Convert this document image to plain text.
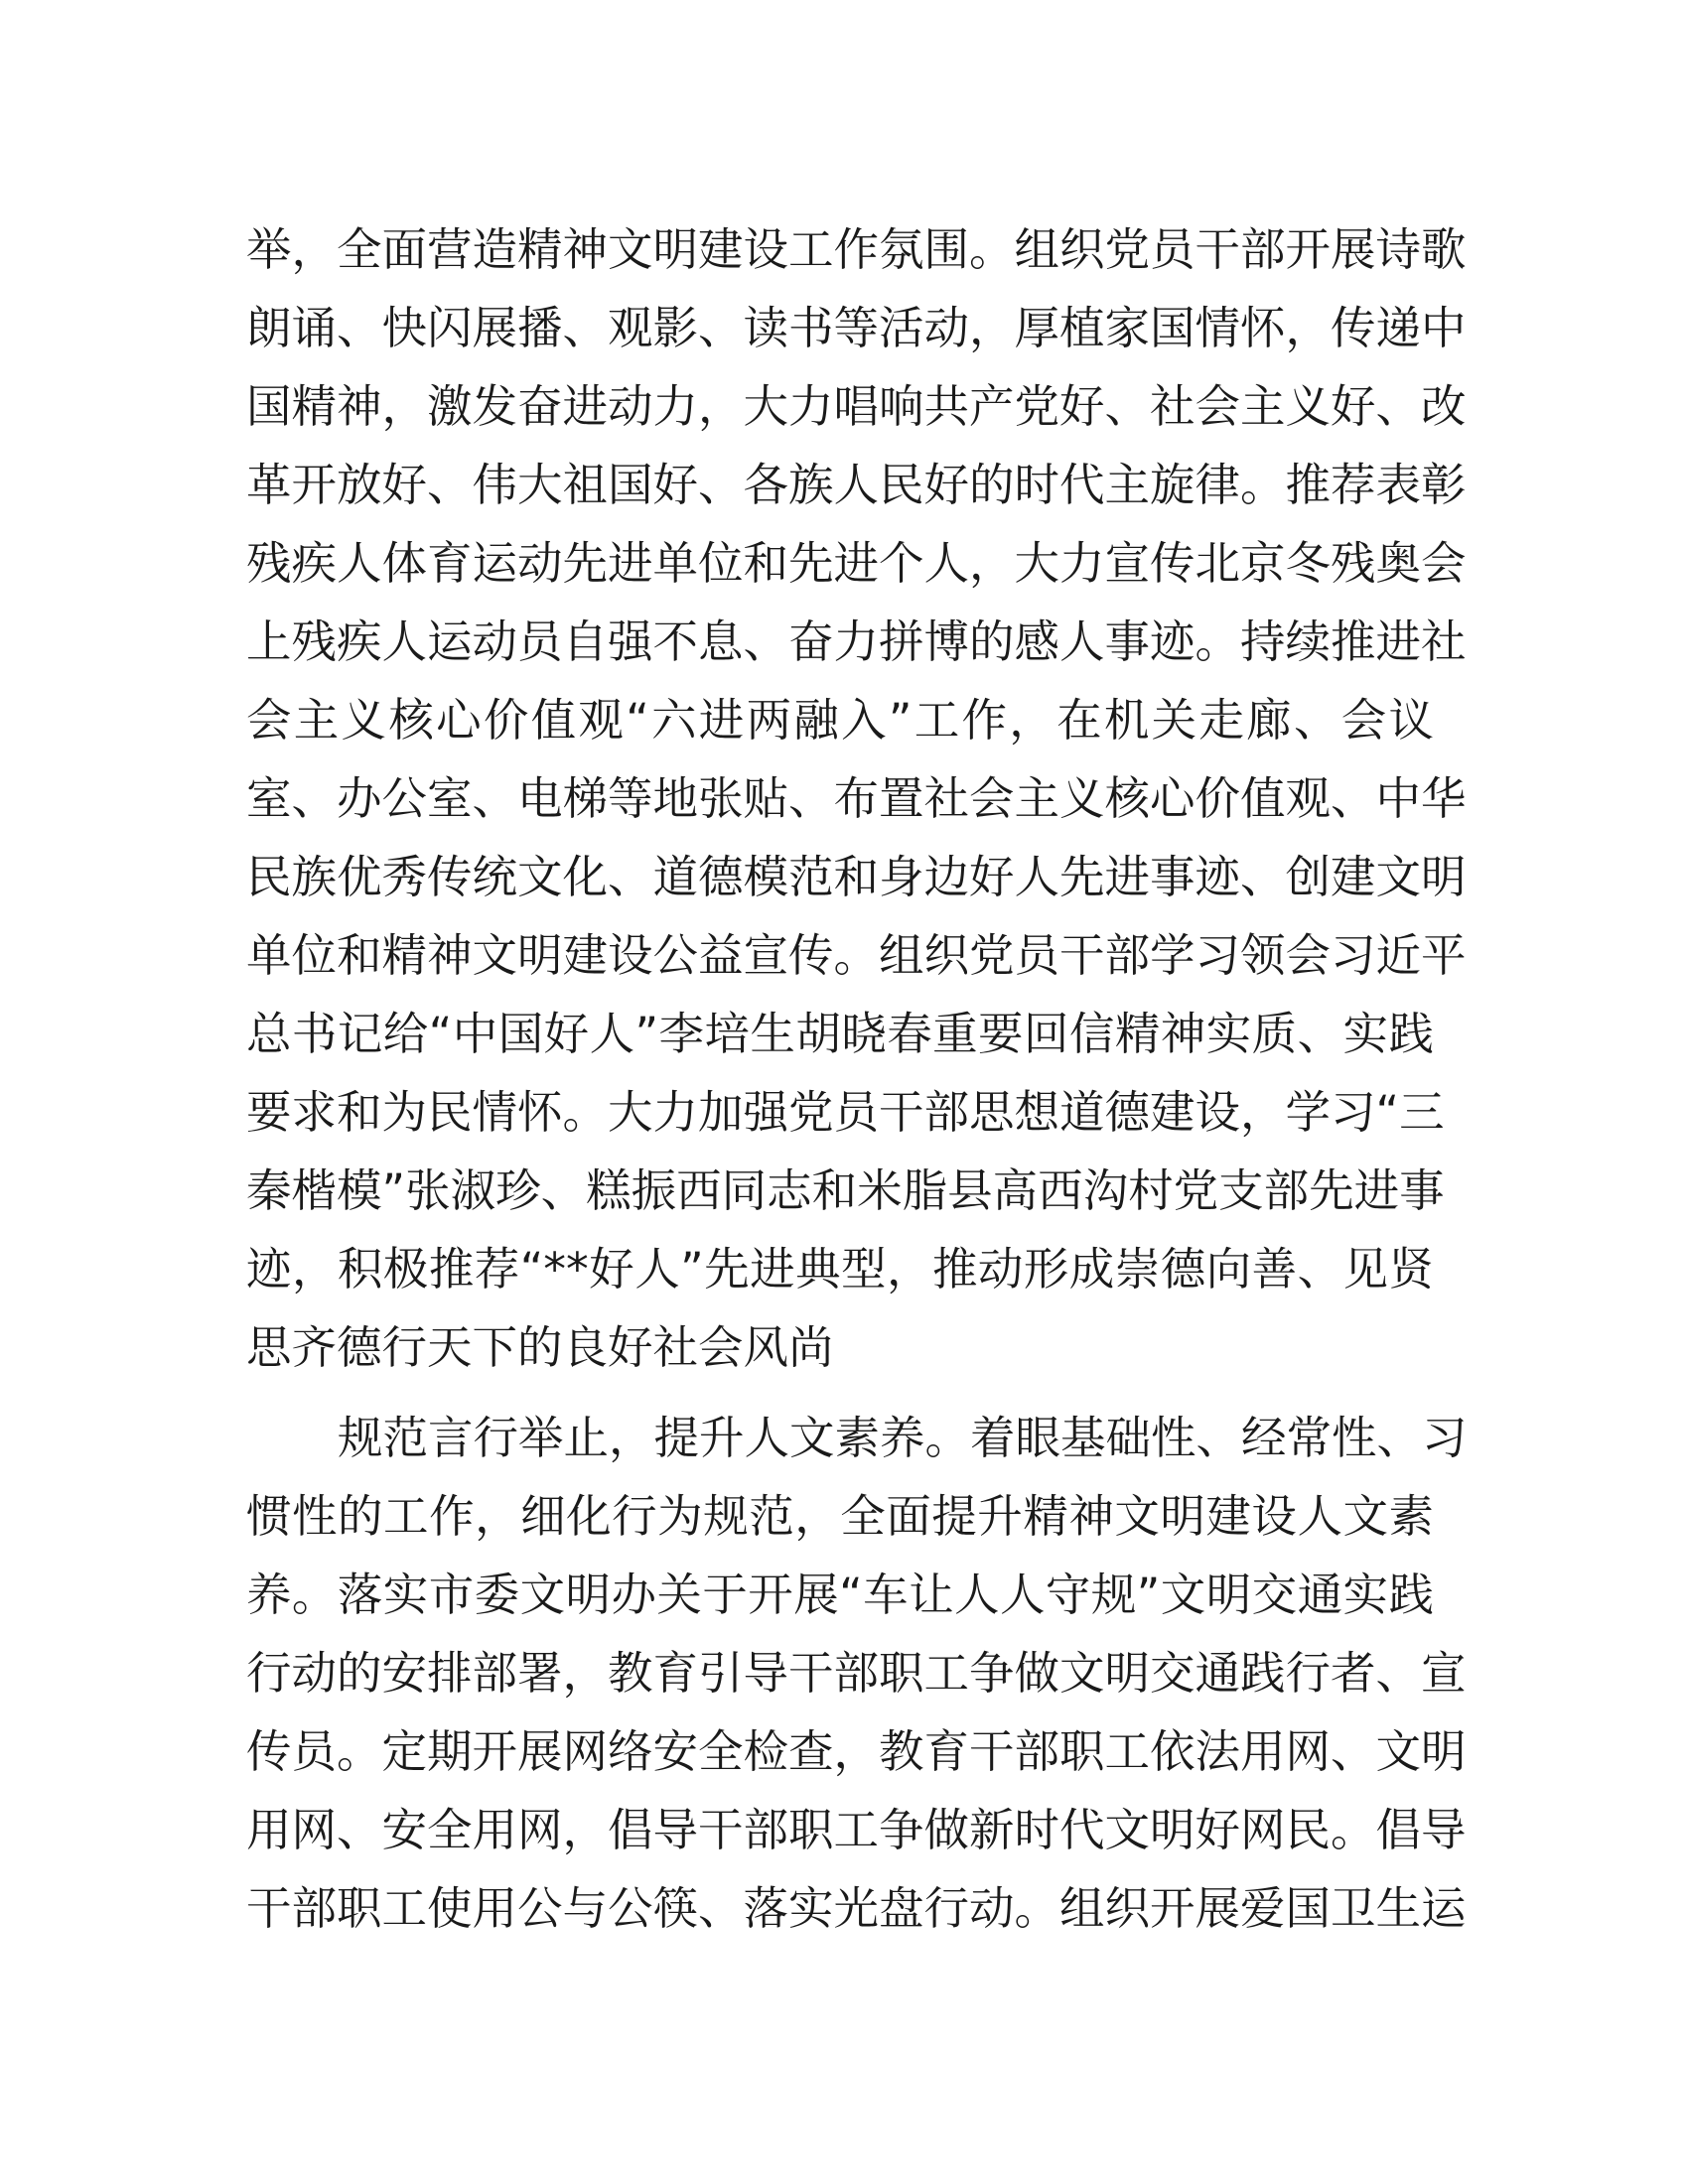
举，全面营造精神文明建设工作氛围。组织党员干部开展诗歌
朗诵、快闪展播、观影、读书等活动，厚植家国情怀，传递中
国精神，激发奋进动力，大力唱响共产党好、社会主义好、改
革开放好、伟大祖国好、各族人民好的时代主旋律。推荐表彰
残疾人体育运动先进单位和先进个人，大力宣传北京冬残奥会
上残疾人运动员自强不息、奋力拼博的感人事迹。持续推进社
会主义核心价值观“六进两融入”工作，在机关走廊、会议
室、办公室、电梯等地张贴、布置社会主义核心价值观、中华
民族优秀传统文化、道德模范和身边好人先进事迹、创建文明
单位和精神文明建设公益宣传。组织党员干部学习领会习近平
总书记给“中国好人”李培生胡晓春重要回信精神实质、实践
要求和为民情怀。大力加强党员干部思想道德建设，学习“三
秦楷模”张淑珍、糕振西同志和米脂县高西沟村党支部先进事
迹，积极推荐“**好人”先进典型，推动形成崇德向善、见贤
思齐德行天下的良好社会风尚
规范言行举止，提升人文素养。着眼基础性、经常性、习
惯性的工作，细化行为规范，全面提升精神文明建设人文素
养。落实市委文明办关于开展“车让人人守规”文明交通实践
行动的安排部署，教育引导干部职工争做文明交通践行者、宣
传员。定期开展网络安全检查，教育干部职工依法用网、文明
用网、安全用网，倡导干部职工争做新时代文明好网民。倡导
干部职工使用公与公筷、落实光盘行动。组织开展爱国卫生运
